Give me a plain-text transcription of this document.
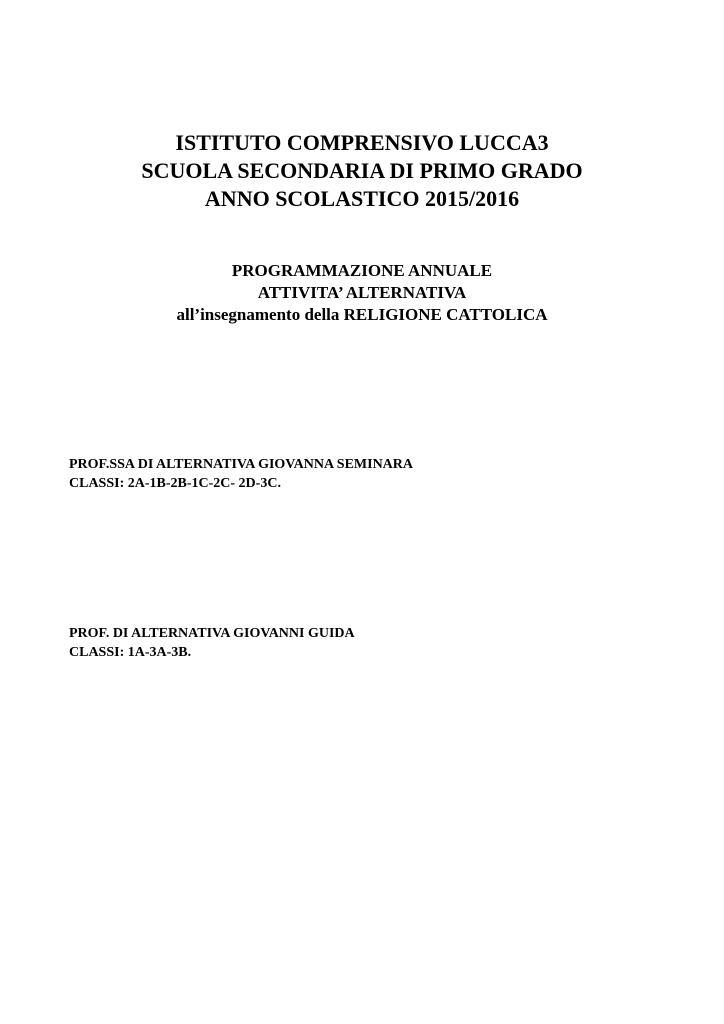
ISTITUTO COMPRENSIVO LUCCA3
SCUOLA SECONDARIA DI PRIMO GRADO
ANNO SCOLASTICO 2015/2016
PROGRAMMAZIONE ANNUALE
ATTIVITA’ ALTERNATIVA
all’insegnamento della RELIGIONE CATTOLICA
PROF.SSA DI ALTERNATIVA GIOVANNA SEMINARA
CLASSI: 2A-1B-2B-1C-2C- 2D-3C.
PROF. DI ALTERNATIVA GIOVANNI GUIDA
CLASSI: 1A-3A-3B.
